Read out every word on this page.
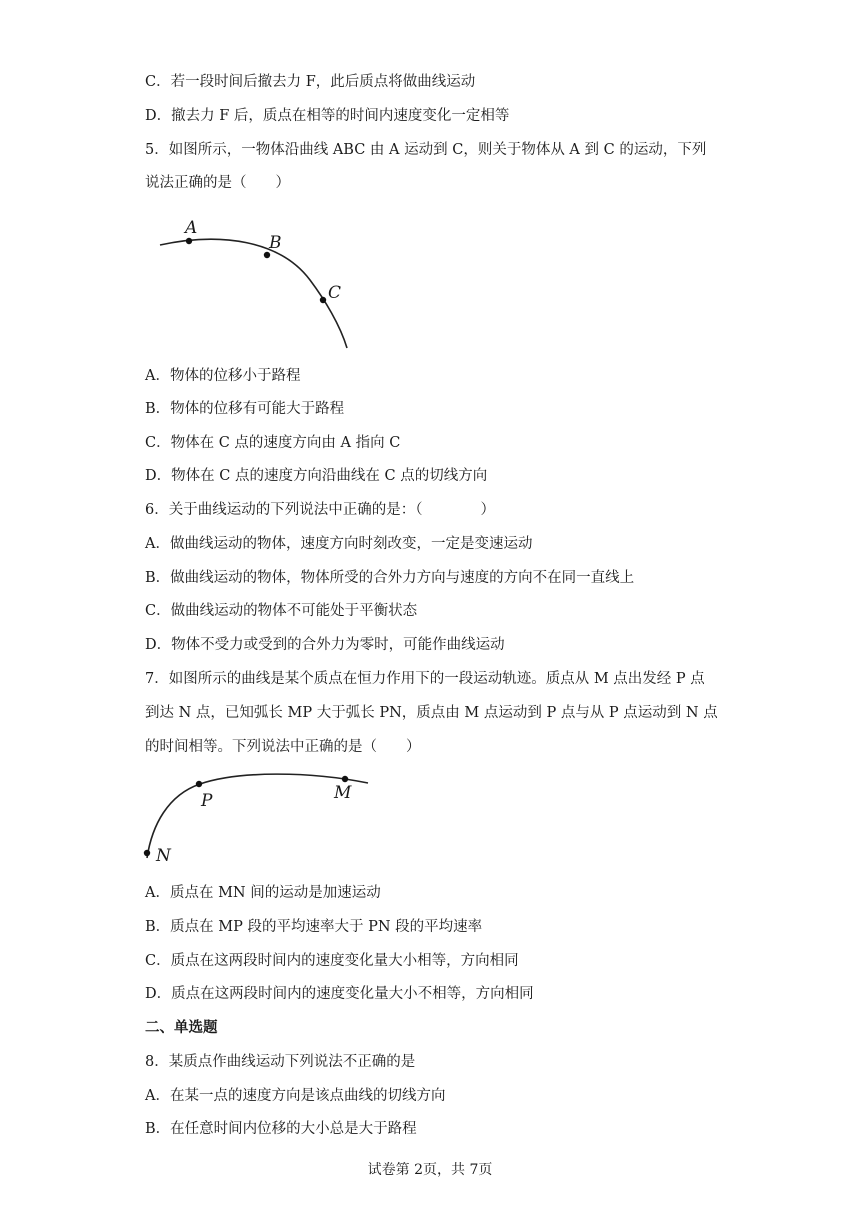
C．若一段时间后撤去力 F，此后质点将做曲线运动
D．撤去力 F 后，质点在相等的时间内速度变化一定相等
5．如图所示，一物体沿曲线 ABC 由 A 运动到 C，则关于物体从 A 到 C 的运动，下列
说法正确的是（　　）
A
B
C
A．物体的位移小于路程
B．物体的位移有可能大于路程
C．物体在 C 点的速度方向由 A 指向 C
D．物体在 C 点的速度方向沿曲线在 C 点的切线方向
6．关于曲线运动的下列说法中正确的是：（　　　　）
A．做曲线运动的物体，速度方向时刻改变，一定是变速运动
B．做曲线运动的物体，物体所受的合外力方向与速度的方向不在同一直线上
C．做曲线运动的物体不可能处于平衡状态
D．物体不受力或受到的合外力为零时，可能作曲线运动
7．如图所示的曲线是某个质点在恒力作用下的一段运动轨迹。质点从 M 点出发经 P 点
到达 N 点，已知弧长 MP 大于弧长 PN，质点由 M 点运动到 P 点与从 P 点运动到 N 点
的时间相等。下列说法中正确的是（　　）
M
P
N
A．质点在 MN 间的运动是加速运动
B．质点在 MP 段的平均速率大于 PN 段的平均速率
C．质点在这两段时间内的速度变化量大小相等，方向相同
D．质点在这两段时间内的速度变化量大小不相等，方向相同
二、单选题
8．某质点作曲线运动下列说法不正确的是
A．在某一点的速度方向是该点曲线的切线方向
B．在任意时间内位移的大小总是大于路程
试卷第 2页，共 7页
